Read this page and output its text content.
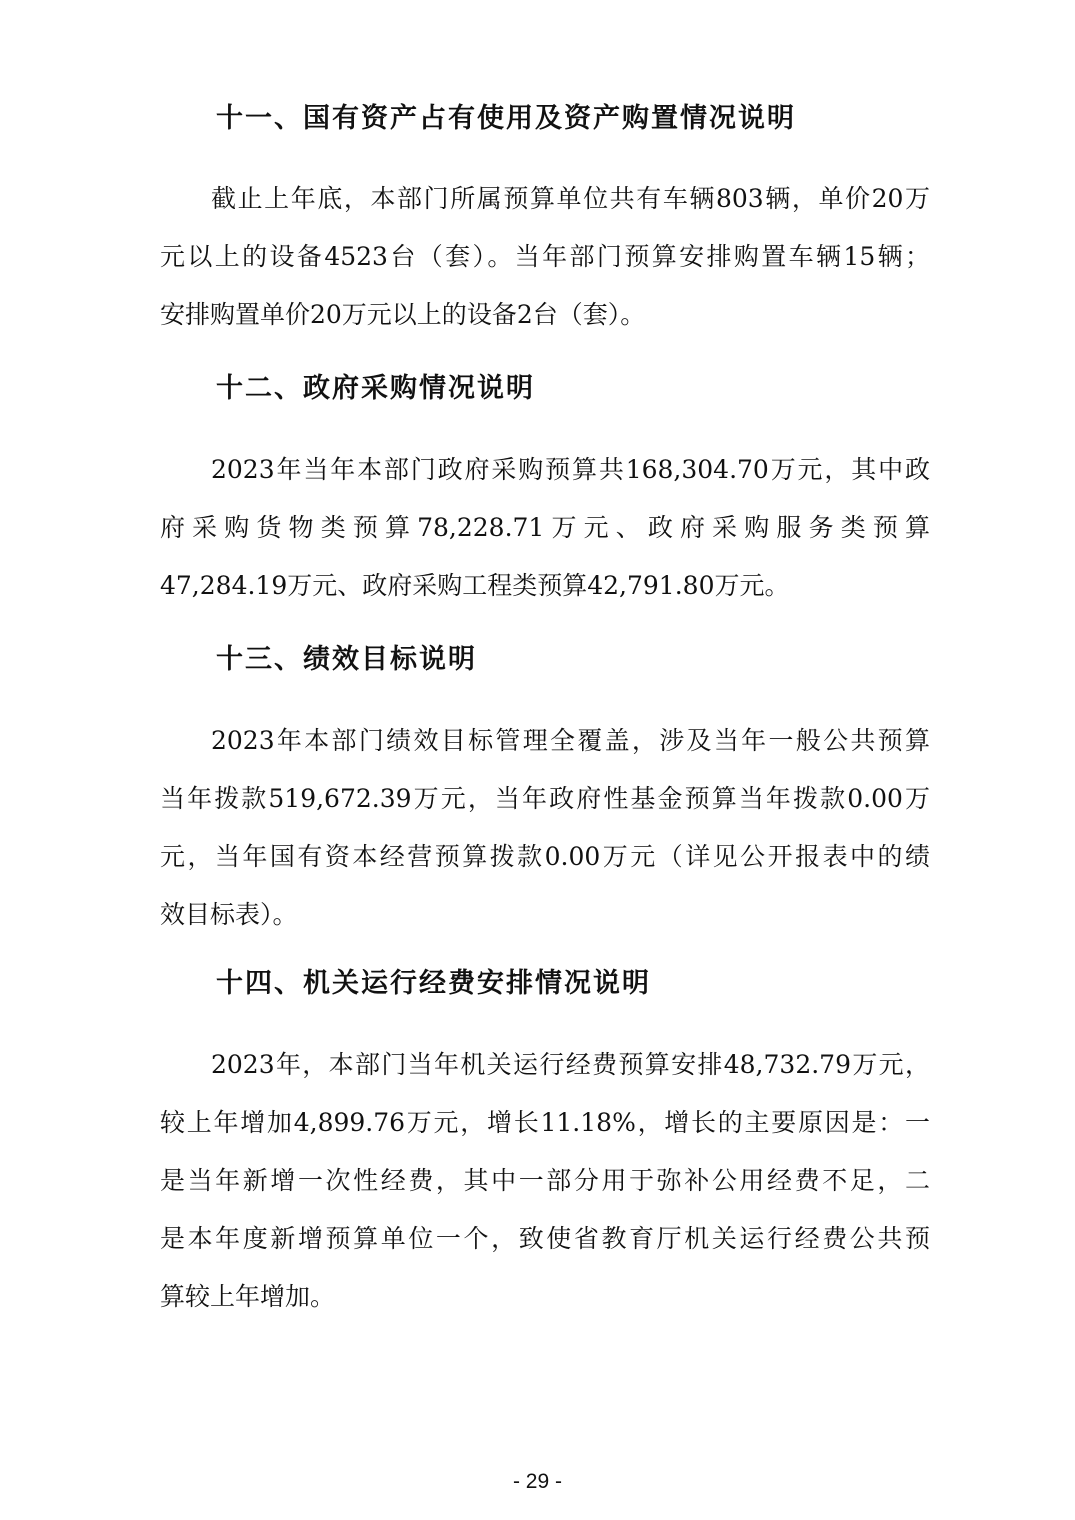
十一、国有资产占有使用及资产购置情况说明
截止上年底，本部门所属预算单位共有车辆803辆，单价20万
元以上的设备4523台（套）。当年部门预算安排购置车辆15辆；
安排购置单价20万元以上的设备2台（套）。
十二、政府采购情况说明
2023年当年本部门政府采购预算共168,304.70万元，其中政
府采购货物类预算78,228.71万元、政府采购服务类预算
47,284.19万元、政府采购工程类预算42,791.80万元。
十三、绩效目标说明
2023年本部门绩效目标管理全覆盖，涉及当年一般公共预算
当年拨款519,672.39万元，当年政府性基金预算当年拨款0.00万
元，当年国有资本经营预算拨款0.00万元（详见公开报表中的绩
效目标表）。
十四、机关运行经费安排情况说明
2023年，本部门当年机关运行经费预算安排48,732.79万元，
较上年增加4,899.76万元，增长11.18%，增长的主要原因是：一
是当年新增一次性经费，其中一部分用于弥补公用经费不足，二
是本年度新增预算单位一个，致使省教育厅机关运行经费公共预
算较上年增加。

- 29 -
